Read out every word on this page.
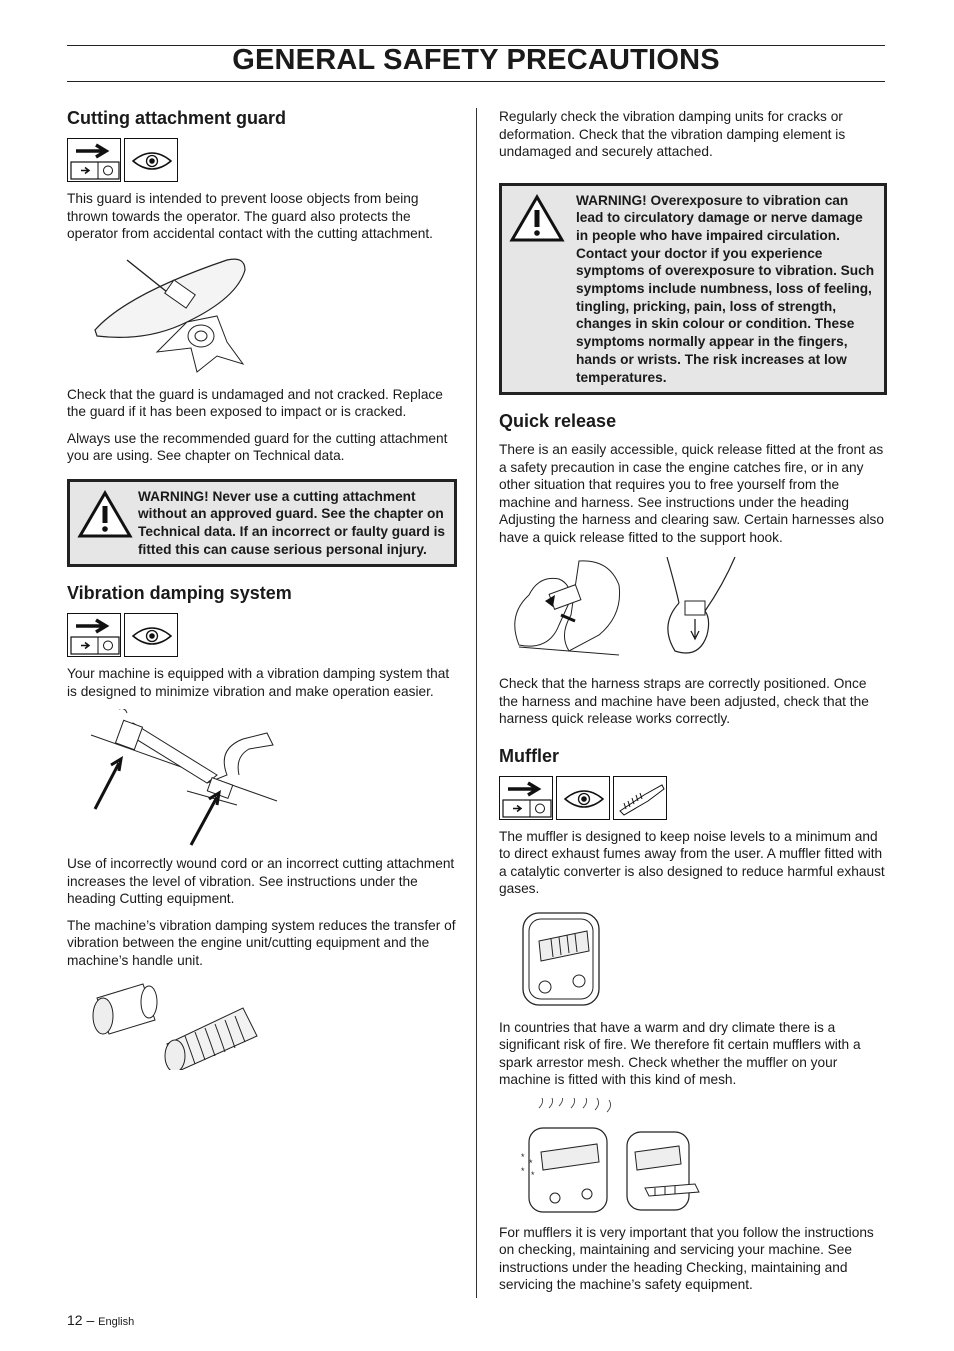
GENERAL SAFETY PRECAUTIONS
Cutting attachment guard

This guard is intended to prevent loose objects from being thrown towards the operator. The guard also protects the operator from accidental contact with the cutting attachment.

Check that the guard is undamaged and not cracked. Replace the guard if it has been exposed to impact or is cracked.

Always use the recommended guard for the cutting attachment you are using. See chapter on Technical data.

WARNING! Never use a cutting attachment without an approved guard. See the chapter on Technical data. If an incorrect or faulty guard is fitted this can cause serious personal injury.
Vibration damping system

Your machine is equipped with a vibration damping system that is designed to minimize vibration and make operation easier.

Use of incorrectly wound cord or an incorrect cutting attachment increases the level of vibration. See instructions under the heading Cutting equipment.

The machine’s vibration damping system reduces the transfer of vibration between the engine unit/cutting equipment and the machine’s handle unit.

Regularly check the vibration damping units for cracks or deformation. Check that the vibration damping element is undamaged and securely attached.

WARNING! Overexposure to vibration can lead to circulatory damage or nerve damage in people who have impaired circulation. Contact your doctor if you experience symptoms of overexposure to vibration. Such symptoms include numbness, loss of feeling, tingling, pricking, pain, loss of strength, changes in skin colour or condition. These symptoms normally appear in the fingers, hands or wrists. The risk increases at low temperatures.
Quick release

There is an easily accessible, quick release fitted at the front as a safety precaution in case the engine catches fire, or in any other situation that requires you to free yourself from the machine and harness. See instructions under the heading Adjusting the harness and clearing saw. Certain harnesses also have a quick release fitted to the support hook.

Check that the harness straps are correctly positioned. Once the harness and machine have been adjusted, check that the harness quick release works correctly.

Muffler

The muffler is designed to keep noise levels to a minimum and to direct exhaust fumes away from the user. A muffler fitted with a catalytic converter is also designed to reduce harmful exhaust gases.

In countries that have a warm and dry climate there is a significant risk of fire. We therefore fit certain mufflers with a spark arrestor mesh. Check whether the muffler on your machine is fitted with this kind of mesh.

*
*
* *

For mufflers it is very important that you follow the instructions on checking, maintaining and servicing your machine. See instructions under the heading Checking, maintaining and servicing the machine’s safety equipment.

12 – English
